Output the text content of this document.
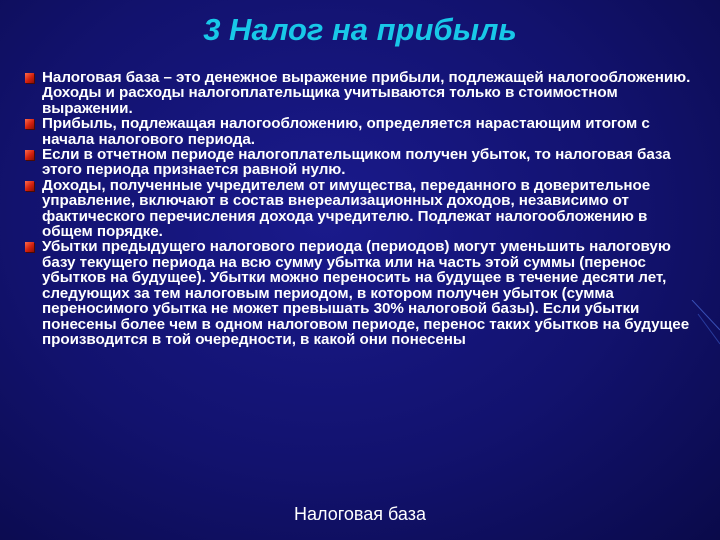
3 Налог на прибыль
Налоговая база – это денежное выражение прибыли, подлежащей налогообложению. Доходы и расходы налогоплательщика учитываются только в стоимостном выражении.
Прибыль, подлежащая налогообложению, определяется нарастающим итогом с начала налогового периода.
Если в отчетном периоде налогоплательщиком получен убыток, то налоговая база этого периода признается равной нулю.
Доходы, полученные учредителем от имущества, переданного в доверительное управление, включают в состав внереализационных доходов, независимо от фактического перечисления дохода учредителю. Подлежат налогообложению в общем порядке.
Убытки предыдущего налогового периода (периодов) могут уменьшить налоговую базу текущего периода на всю сумму убытка или на часть этой суммы (перенос убытков на будущее). Убытки можно переносить на будущее в течение десяти лет, следующих за тем налоговым периодом, в котором получен убыток (сумма переносимого убытка не может превышать 30% налоговой базы). Если убытки понесены более чем в одном налоговом периоде, перенос таких убытков на будущее производится в той очередности, в какой они понесены
Налоговая база
